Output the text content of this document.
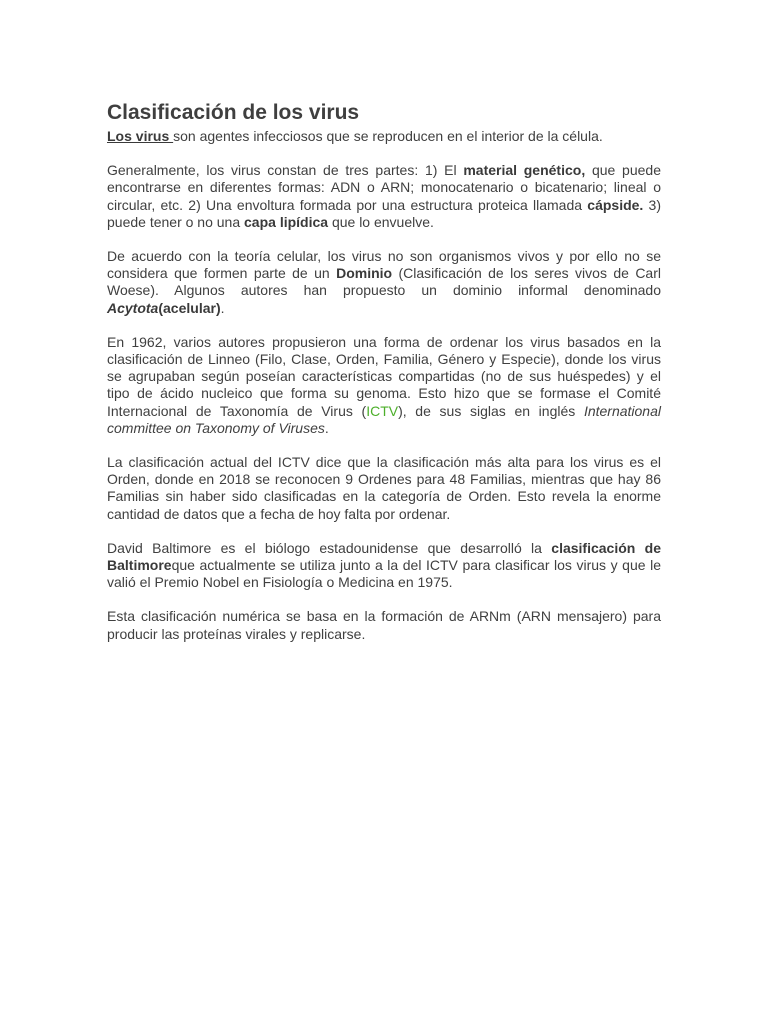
Clasificación de los virus

Los virus son agentes infecciosos que se reproducen en el interior de la célula.

Generalmente, los virus constan de tres partes: 1) El material genético, que puede encontrarse en diferentes formas: ADN o ARN; monocatenario o bicatenario; lineal o circular, etc. 2) Una envoltura formada por una estructura proteica llamada cápside. 3) puede tener o no una capa lipídica que lo envuelve.

De acuerdo con la teoría celular, los virus no son organismos vivos y por ello no se considera que formen parte de un Dominio (Clasificación de los seres vivos de Carl Woese). Algunos autores han propuesto un dominio informal denominado Acytota(acelular).

En 1962, varios autores propusieron una forma de ordenar los virus basados en la clasificación de Linneo (Filo, Clase, Orden, Familia, Género y Especie), donde los virus se agrupaban según poseían características compartidas (no de sus huéspedes) y el tipo de ácido nucleico que forma su genoma. Esto hizo que se formase el Comité Internacional de Taxonomía de Virus (ICTV), de sus siglas en inglés International committee on Taxonomy of Viruses.

La clasificación actual del ICTV dice que la clasificación más alta para los virus es el Orden, donde en 2018 se reconocen 9 Ordenes para 48 Familias, mientras que hay 86 Familias sin haber sido clasificadas en la categoría de Orden. Esto revela la enorme cantidad de datos que a fecha de hoy falta por ordenar.

David Baltimore es el biólogo estadounidense que desarrolló la clasificación de Baltimoreque actualmente se utiliza junto a la del ICTV para clasificar los virus y que le valió el Premio Nobel en Fisiología o Medicina en 1975.

Esta clasificación numérica se basa en la formación de ARNm (ARN mensajero) para producir las proteínas virales y replicarse.
